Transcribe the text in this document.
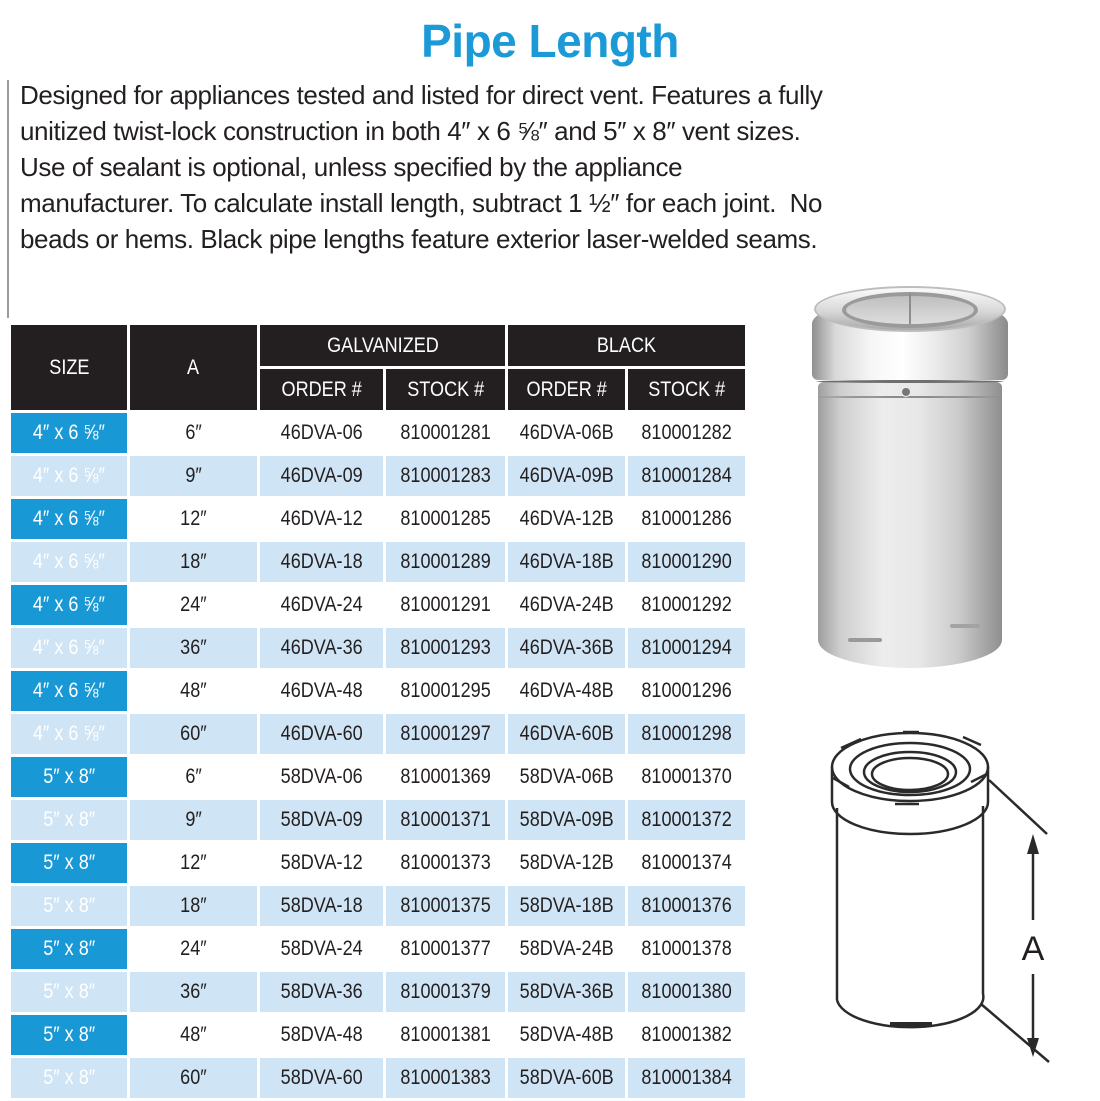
Pipe Length

Designed for appliances tested and listed for direct vent. Features a fully unitized twist-lock construction in both 4″ x 6 ⅝″ and 5″ x 8″ vent sizes.  Use of sealant is optional, unless specified by the appliance manufacturer. To calculate install length, subtract 1 ½″ for each joint.  No beads or hems. Black pipe lengths feature exterior laser-welded seams.

SIZE	A	GALVANIZED		BLACK	
		ORDER #	STOCK #	ORDER #	STOCK #
4″ x 6 ⅝″	6″	46DVA-06	810001281	46DVA-06B	810001282
4″ x 6 ⅝″	9″	46DVA-09	810001283	46DVA-09B	810001284
4″ x 6 ⅝″	12″	46DVA-12	810001285	46DVA-12B	810001286
4″ x 6 ⅝″	18″	46DVA-18	810001289	46DVA-18B	810001290
4″ x 6 ⅝″	24″	46DVA-24	810001291	46DVA-24B	810001292
4″ x 6 ⅝″	36″	46DVA-36	810001293	46DVA-36B	810001294
4″ x 6 ⅝″	48″	46DVA-48	810001295	46DVA-48B	810001296
4″ x 6 ⅝″	60″	46DVA-60	810001297	46DVA-60B	810001298
5″ x 8″	6″	58DVA-06	810001369	58DVA-06B	810001370
5″ x 8″	9″	58DVA-09	810001371	58DVA-09B	810001372
5″ x 8″	12″	58DVA-12	810001373	58DVA-12B	810001374
5″ x 8″	18″	58DVA-18	810001375	58DVA-18B	810001376
5″ x 8″	24″	58DVA-24	810001377	58DVA-24B	810001378
5″ x 8″	36″	58DVA-36	810001379	58DVA-36B	810001380
5″ x 8″	48″	58DVA-48	810001381	58DVA-48B	810001382
5″ x 8″	60″	58DVA-60	810001383	58DVA-60B	810001384
A
